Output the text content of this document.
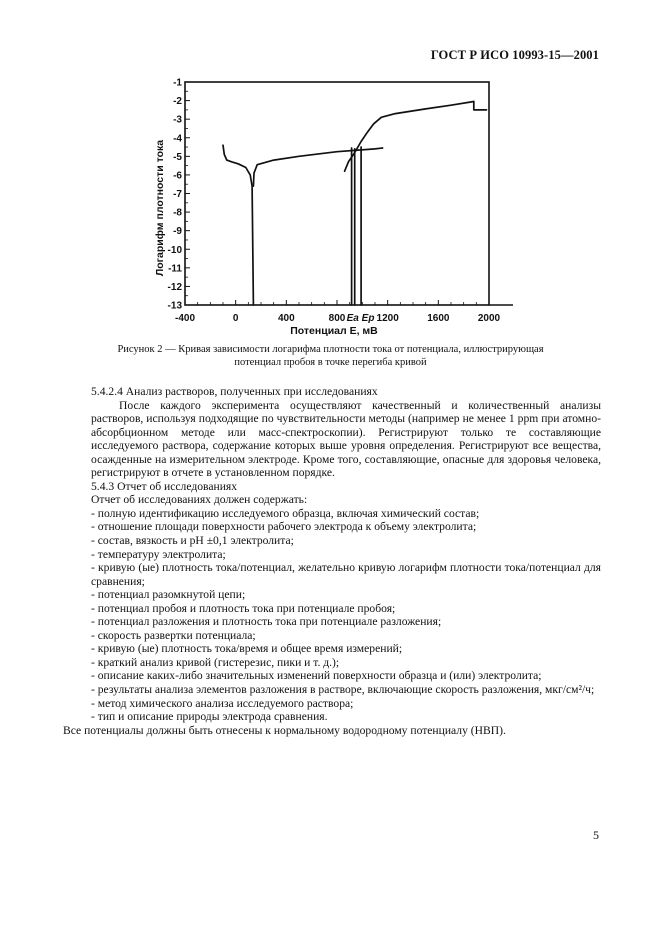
ГОСТ Р ИСО 10993-15—2001
-1
-2
-3
-4
-5
-6
-7
-8
-9
-10
-11
-12
-13
-400	0	400	800	1200	1600	2000
Ea Ep
Потенциал E, мВ
Логарифм плотности тока
Рисунок 2 — Кривая зависимости логарифма плотности тока от потенциала, иллюстрирующая
потенциал пробоя в точке перегиба кривой

5.4.2.4 Анализ растворов, полученных при исследованиях

После каждого эксперимента осуществляют качественный и количественный анализы растворов, используя подходящие по чувствительности методы (например не менее 1 ppm при атомно-абсорбционном методе или масс-спектроскопии). Регистрируют только те составляющие исследуемого раствора, содержание которых выше уровня определения. Регистрируют все вещества, осажденные на измерительном электроде. Кроме того, составляющие, опасные для здоровья человека, регистрируют в отчете в установленном порядке.

5.4.3 Отчет об исследованиях

Отчет об исследованиях должен содержать:

- полную идентификацию исследуемого образца, включая химический состав;

- отношение площади поверхности рабочего электрода к объему электролита;

- состав, вязкость и pH ±0,1 электролита;

- температуру электролита;

- кривую (ые) плотность тока/потенциал, желательно кривую логарифм плотности тока/потенциал для сравнения;

- потенциал разомкнутой цепи;

- потенциал пробоя и плотность тока при потенциале пробоя;

- потенциал разложения и плотность тока при потенциале разложения;

- скорость развертки потенциала;

- кривую (ые) плотность тока/время и общее время измерений;

- краткий анализ кривой (гистерезис, пики и т. д.);

- описание каких-либо значительных изменений поверхности образца и (или) электролита;

- результаты анализа элементов разложения в растворе, включающие скорость разложения, мкг/см²/ч;

- метод химического анализа исследуемого раствора;

- тип и описание природы электрода сравнения.

Все потенциалы должны быть отнесены к нормальному водородному потенциалу (НВП).

5
